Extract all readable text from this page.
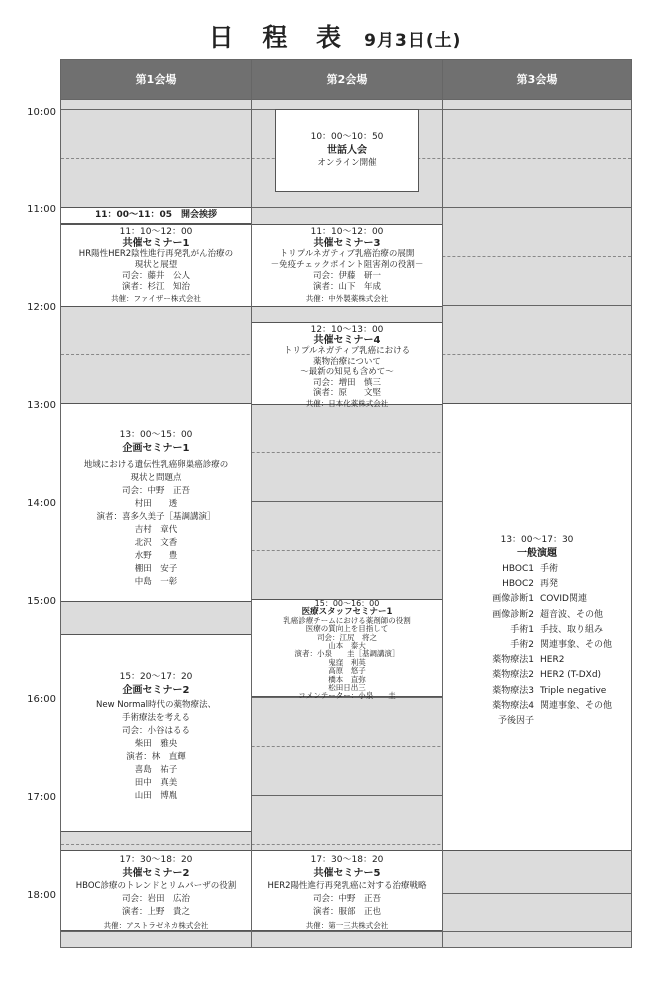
日 程 表 9月3日(土)
10:00
11:00
12:00
13:00
14:00
15:00
16:00
17:00
18:00
第1会場	第2会場	第3会場
11：00～11：05　開会挨拶
11：10～12：00
共催セミナー1
HR陽性HER2陰性進行再発乳がん治療の
現状と展望
司会：藤井　公人
演者：杉江　知治
共催：ファイザー株式会社
13：00～15：00
企画セミナー1
地域における遺伝性乳癌卵巣癌診療の
現状と問題点
司会：中野　正吾
村田　　透
演者：喜多久美子［基調講演］
吉村　章代
北沢　文香
水野　　豊
棚田　安子
中島　一彰
15：20～17：20
企画セミナー2
New Normal時代の薬物療法、
手術療法を考える
司会：小谷はるる
柴田　雅央
演者：林　直輝
喜島　祐子
田中　真美
山田　博胤
17：30～18：20
共催セミナー2
HBOC診療のトレンドとリムパーザの役割
司会：岩田　広治
演者：上野　貴之
共催：アストラゼネカ株式会社
10：00～10：50
世話人会
オンライン開催
11：10～12：00
共催セミナー3
トリプルネガティブ乳癌治療の展開
－免疫チェックポイント阻害剤の役割－
司会：伊藤　研一
演者：山下　年成
共催：中外製薬株式会社
12：10～13：00
共催セミナー4
トリプルネガティブ乳癌における
薬物治療について
～最新の知見も含めて～
司会：増田　慎三
演者：原　　文堅
共催：日本化薬株式会社
15：00～16：00
医療スタッフセミナー1
乳癌診療チームにおける薬剤師の役割
医療の質向上を目指して
司会：江尻　将之
山本　泰大
演者：小泉　　圭［基調講演］
鬼窪　利英
高原　悠子
橋本　直弥
松田日出三
コメンテーター：小泉　　圭
17：30～18：20
共催セミナー5
HER2陽性進行再発乳癌に対する治療戦略
司会：中野　正吾
演者：服部　正也
共催：第一三共株式会社
13：00～17：30
一般演題
HBOC1 手術
HBOC2 再発
画像診断1 COVID関連
画像診断2 超音波、その他
手術1 手技、取り組み
手術2 関連事象、その他
薬物療法1 HER2
薬物療法2 HER2 (T-DXd)
薬物療法3 Triple negative
薬物療法4 関連事象、その他
予後因子
